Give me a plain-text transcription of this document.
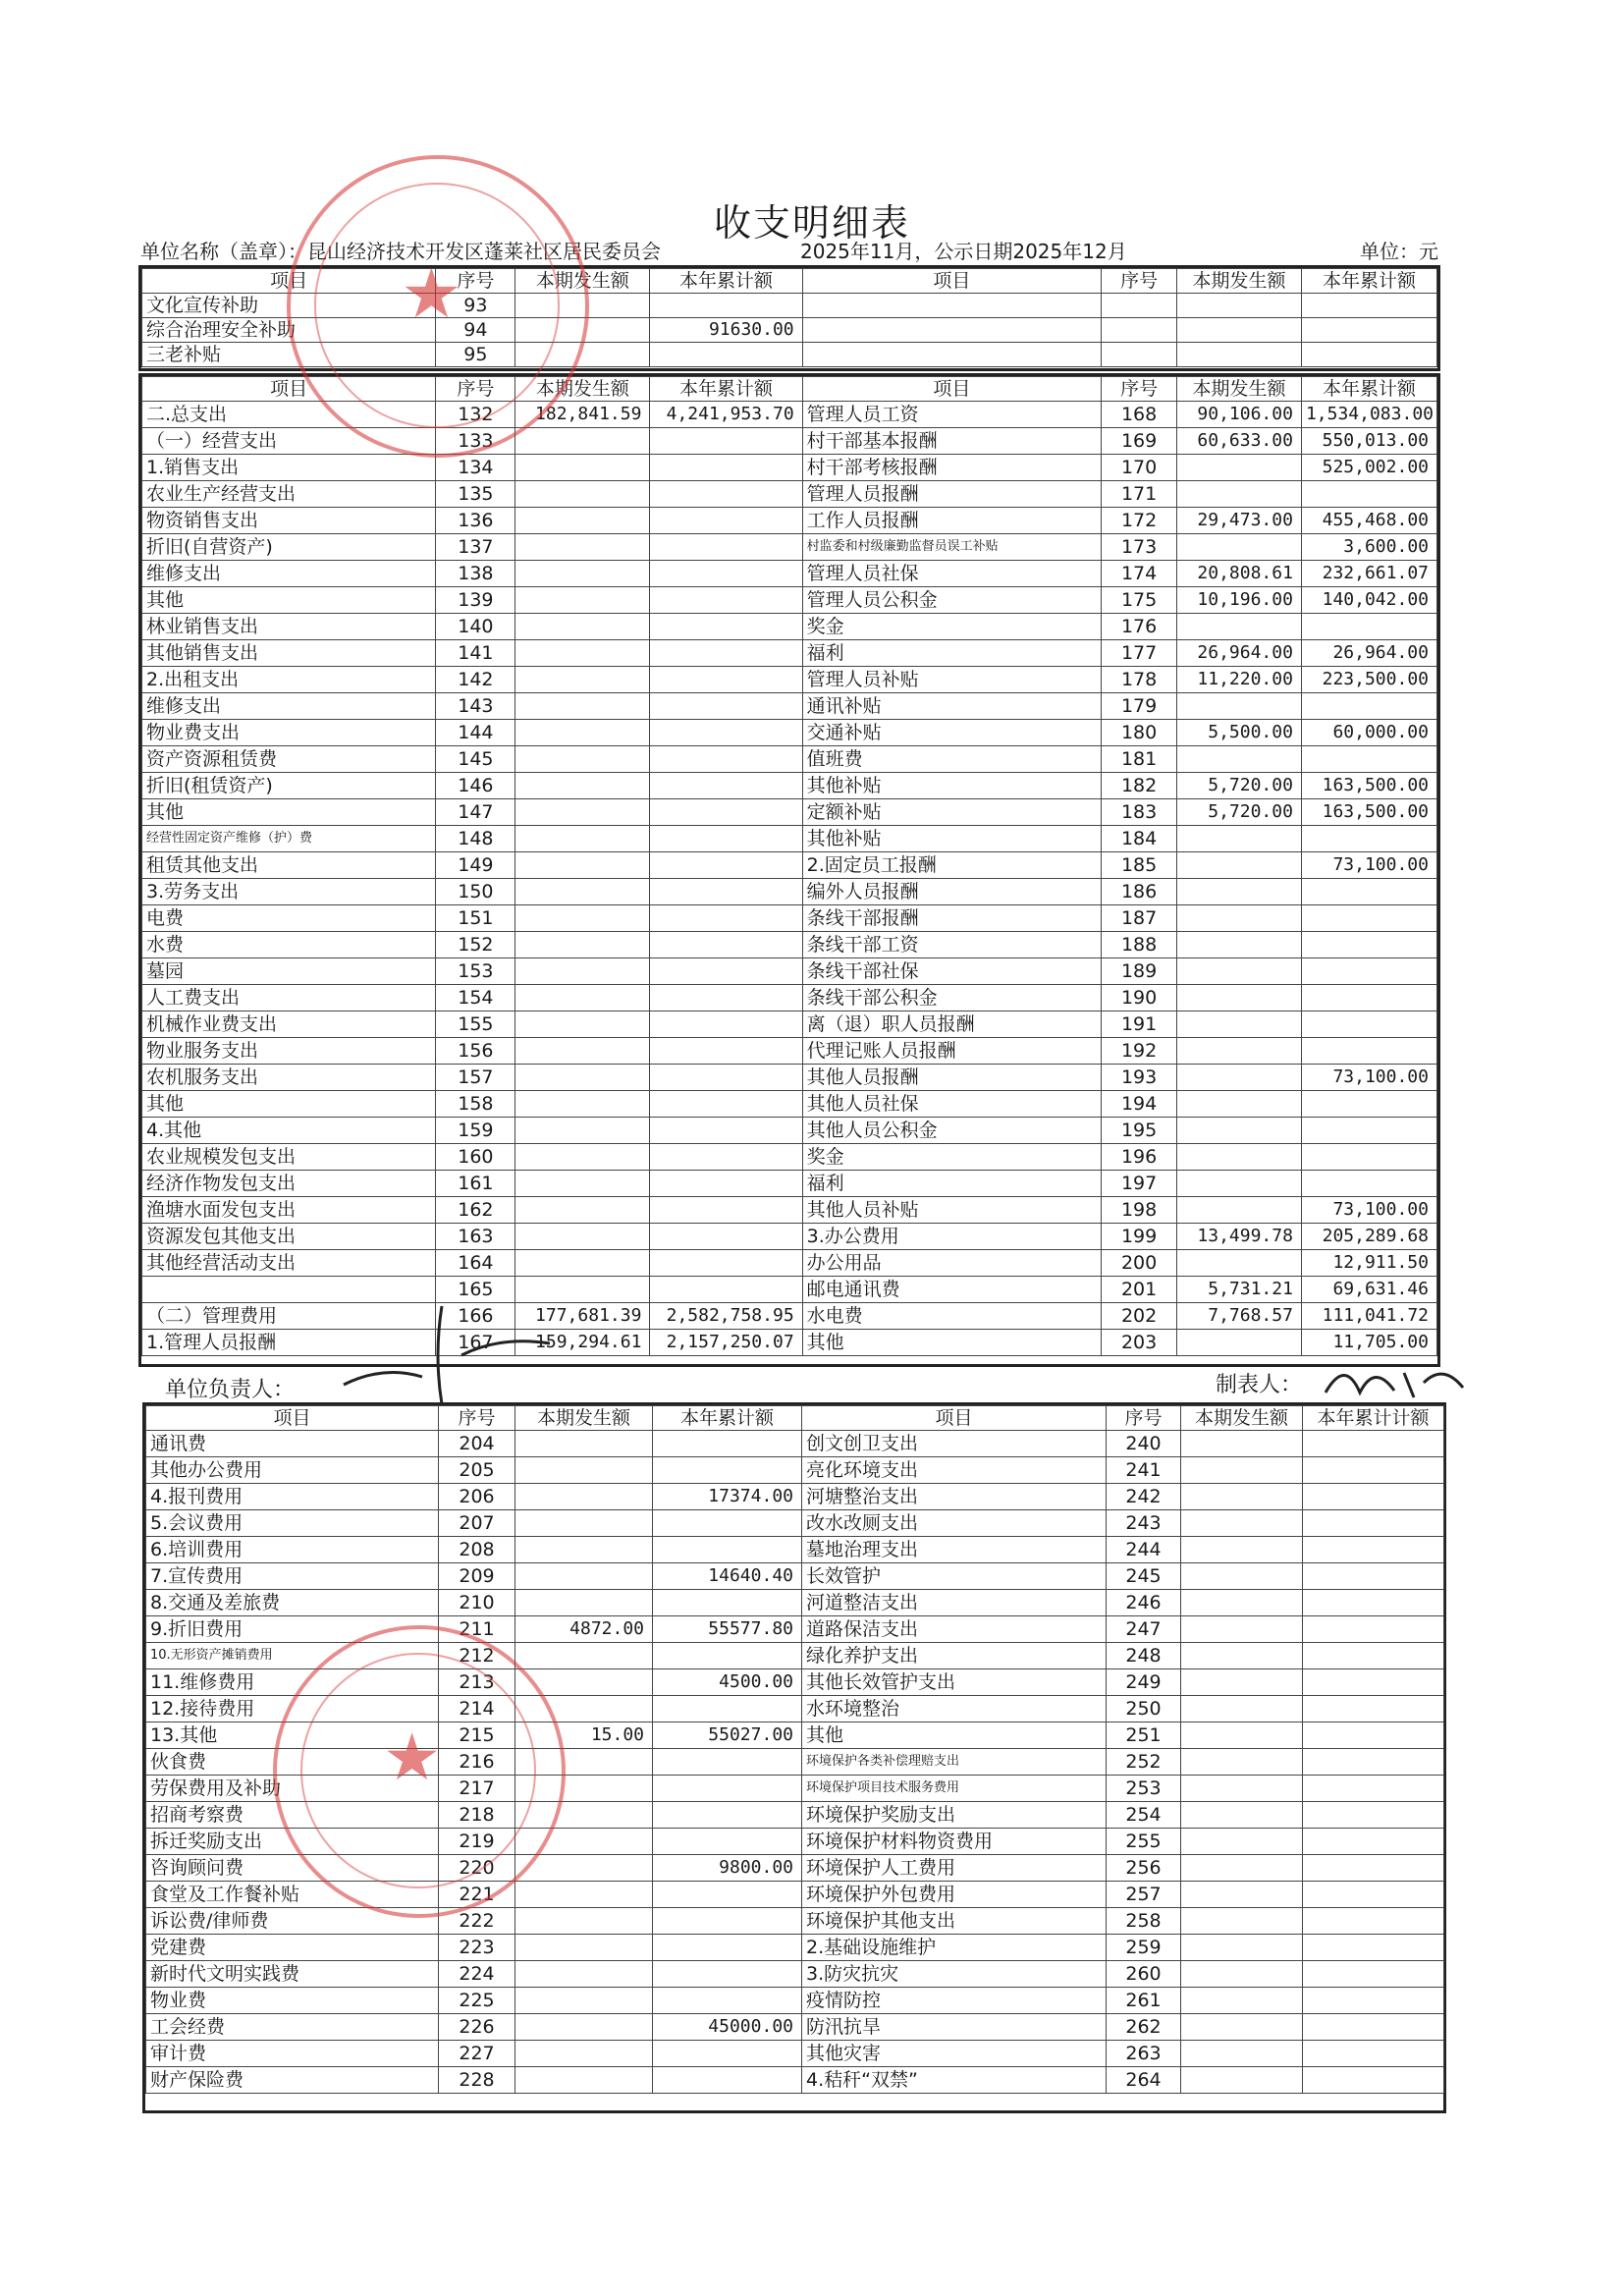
收支明细表
单位名称（盖章）：昆山经济技术开发区蓬莱社区居民委员会	2025年11月，公示日期2025年12月	单位：元
项目	序号	本期发生额	本年累计额	项目	序号	本期发生额	本年累计额
文化宣传补助	93						
综合治理安全补助	94		91630.00				
三老补贴	95						
项目	序号	本期发生额	本年累计额	项目	序号	本期发生额	本年累计额
二.总支出	132	182,841.59	4,241,953.70	管理人员工资	168	90,106.00	1,534,083.00
（一）经营支出	133			村干部基本报酬	169	60,633.00	550,013.00
1.销售支出	134			村干部考核报酬	170		525,002.00
农业生产经营支出	135			管理人员报酬	171		
物资销售支出	136			工作人员报酬	172	29,473.00	455,468.00
折旧(自营资产)	137			村监委和村级廉勤监督员误工补贴	173		3,600.00
维修支出	138			管理人员社保	174	20,808.61	232,661.07
其他	139			管理人员公积金	175	10,196.00	140,042.00
林业销售支出	140			奖金	176		
其他销售支出	141			福利	177	26,964.00	26,964.00
2.出租支出	142			管理人员补贴	178	11,220.00	223,500.00
维修支出	143			通讯补贴	179		
物业费支出	144			交通补贴	180	5,500.00	60,000.00
资产资源租赁费	145			值班费	181		
折旧(租赁资产)	146			其他补贴	182	5,720.00	163,500.00
其他	147			定额补贴	183	5,720.00	163,500.00
经营性固定资产维修（护）费	148			其他补贴	184		
租赁其他支出	149			2.固定员工报酬	185		73,100.00
3.劳务支出	150			编外人员报酬	186		
电费	151			条线干部报酬	187		
水费	152			条线干部工资	188		
墓园	153			条线干部社保	189		
人工费支出	154			条线干部公积金	190		
机械作业费支出	155			离（退）职人员报酬	191		
物业服务支出	156			代理记账人员报酬	192		
农机服务支出	157			其他人员报酬	193		73,100.00
其他	158			其他人员社保	194		
4.其他	159			其他人员公积金	195		
农业规模发包支出	160			奖金	196		
经济作物发包支出	161			福利	197		
渔塘水面发包支出	162			其他人员补贴	198		73,100.00
资源发包其他支出	163			3.办公费用	199	13,499.78	205,289.68
其他经营活动支出	164			办公用品	200		12,911.50
	165			邮电通讯费	201	5,731.21	69,631.46
（二）管理费用	166	177,681.39	2,582,758.95	水电费	202	7,768.57	111,041.72
1.管理人员报酬	167	159,294.61	2,157,250.07	其他	203		11,705.00
单位负责人：	制表人：
项目	序号	本期发生额	本年累计额	项目	序号	本期发生额	本年累计计额
通讯费	204			创文创卫支出	240		
其他办公费用	205			亮化环境支出	241		
4.报刊费用	206		17374.00	河塘整治支出	242		
5.会议费用	207			改水改厕支出	243		
6.培训费用	208			墓地治理支出	244		
7.宣传费用	209		14640.40	长效管护	245		
8.交通及差旅费	210			河道整洁支出	246		
9.折旧费用	211	4872.00	55577.80	道路保洁支出	247		
10.无形资产摊销费用	212			绿化养护支出	248		
11.维修费用	213		4500.00	其他长效管护支出	249		
12.接待费用	214			水环境整治	250		
13.其他	215	15.00	55027.00	其他	251		
伙食费	216			环境保护各类补偿理赔支出	252		
劳保费用及补助	217			环境保护项目技术服务费用	253		
招商考察费	218			环境保护奖励支出	254		
拆迁奖励支出	219			环境保护材料物资费用	255		
咨询顾问费	220		9800.00	环境保护人工费用	256		
食堂及工作餐补贴	221			环境保护外包费用	257		
诉讼费/律师费	222			环境保护其他支出	258		
党建费	223			2.基础设施维护	259		
新时代文明实践费	224			3.防灾抗灾	260		
物业费	225			疫情防控	261		
工会经费	226		45000.00	防汛抗旱	262		
审计费	227			其他灾害	263		
财产保险费	228			4.秸秆“双禁”	264		
★
★
